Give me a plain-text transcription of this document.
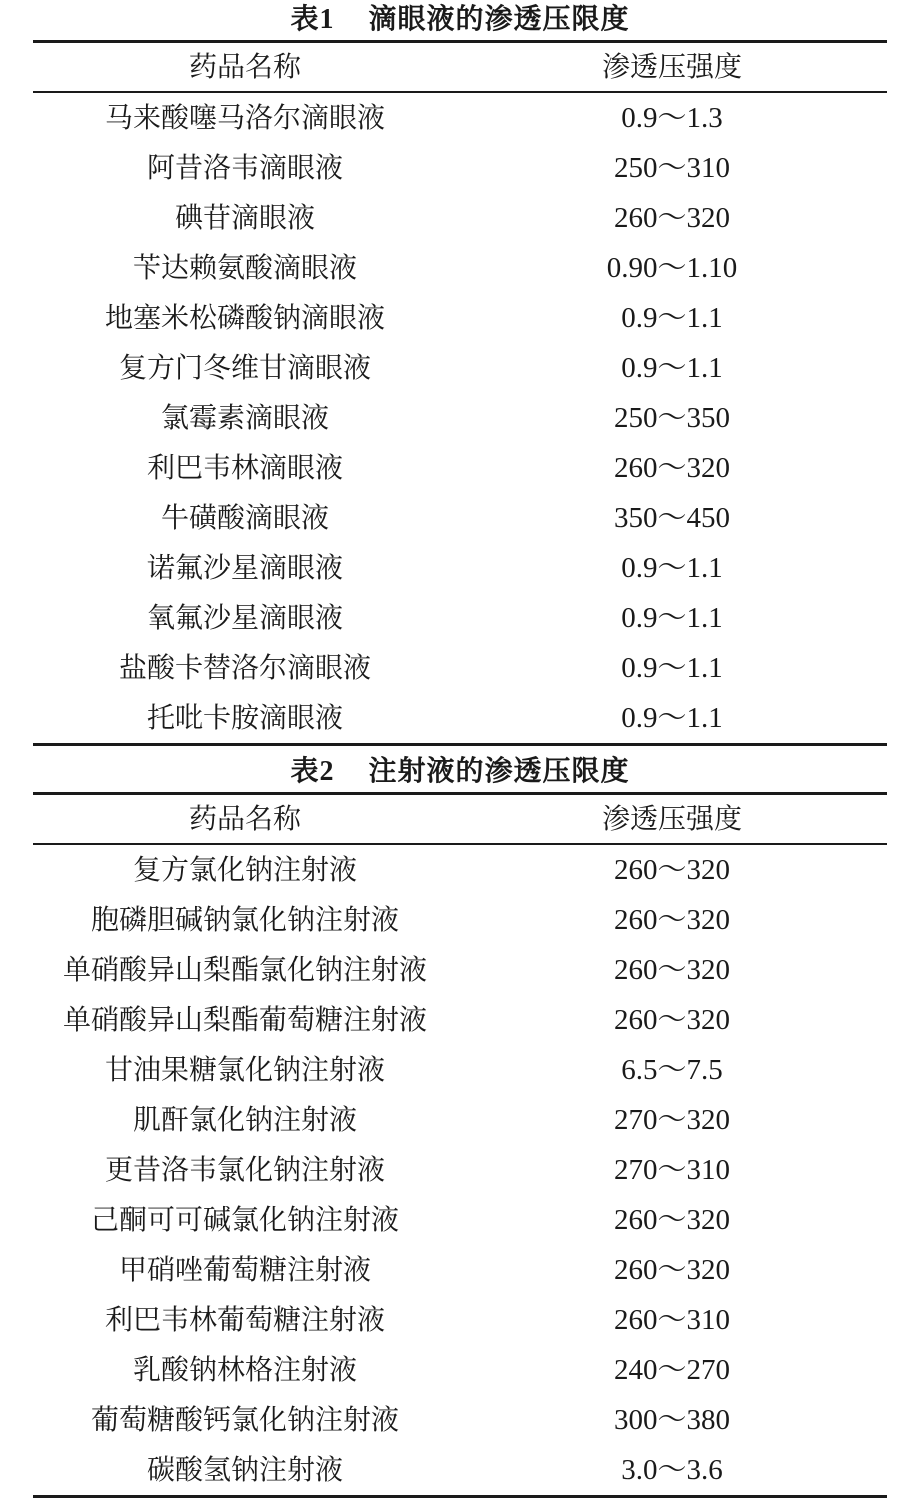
表1 滴眼液的渗透压限度
药品名称	渗透压强度
马来酸噻马洛尔滴眼液	0.9～1.3
阿昔洛韦滴眼液	250～310
碘苷滴眼液	260～320
苄达赖氨酸滴眼液	0.90～1.10
地塞米松磷酸钠滴眼液	0.9～1.1
复方门冬维甘滴眼液	0.9～1.1
氯霉素滴眼液	250～350
利巴韦林滴眼液	260～320
牛磺酸滴眼液	350～450
诺氟沙星滴眼液	0.9～1.1
氧氟沙星滴眼液	0.9～1.1
盐酸卡替洛尔滴眼液	0.9～1.1
托吡卡胺滴眼液	0.9～1.1
表2 注射液的渗透压限度
药品名称	渗透压强度
复方氯化钠注射液	260～320
胞磷胆碱钠氯化钠注射液	260～320
单硝酸异山梨酯氯化钠注射液	260～320
单硝酸异山梨酯葡萄糖注射液	260～320
甘油果糖氯化钠注射液	6.5～7.5
肌酐氯化钠注射液	270～320
更昔洛韦氯化钠注射液	270～310
己酮可可碱氯化钠注射液	260～320
甲硝唑葡萄糖注射液	260～320
利巴韦林葡萄糖注射液	260～310
乳酸钠林格注射液	240～270
葡萄糖酸钙氯化钠注射液	300～380
碳酸氢钠注射液	3.0～3.6
